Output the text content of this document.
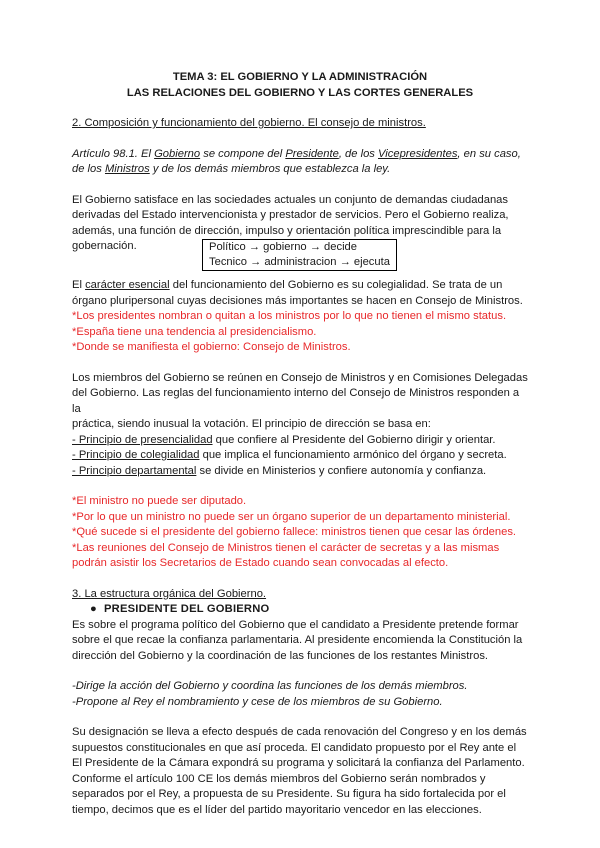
TEMA 3: EL GOBIERNO Y LA ADMINISTRACIÓN
LAS RELACIONES DEL GOBIERNO Y LAS CORTES GENERALES

2. Composición y funcionamiento del gobierno. El consejo de ministros.

Artículo 98.1. El Gobierno se compone del Presidente, de los Vicepresidentes, en su caso,
de los Ministros y de los demás miembros que establezca la ley.

El Gobierno satisface en las sociedades actuales un conjunto de demandas ciudadanas

derivadas del Estado intervencionista y prestador de servicios. Pero el Gobierno realiza,

además, una función de dirección, impulso y orientación política imprescindible para la

gobernación.	Político → gobierno → decide
Tecnico → administracion → ejecuta

El carácter esencial del funcionamiento del Gobierno es su colegialidad. Se trata de un

órgano pluripersonal cuyas decisiones más importantes se hacen en Consejo de Ministros.

*Los presidentes nombran o quitan a los ministros por lo que no tienen el mismo status.

*España tiene una tendencia al presidencialismo.

*Donde se manifiesta el gobierno: Consejo de Ministros.

Los miembros del Gobierno se reúnen en Consejo de Ministros y en Comisiones Delegadas

del Gobierno. Las reglas del funcionamiento interno del Consejo de Ministros responden a la

práctica, siendo inusual la votación. El principio de dirección se basa en:

- Principio de presencialidad que confiere al Presidente del Gobierno dirigir y orientar.

- Principio de colegialidad que implica el funcionamiento armónico del órgano y secreta.

- Principio departamental se divide en Ministerios y confiere autonomía y confianza.

*El ministro no puede ser diputado.

*Por lo que un ministro no puede ser un órgano superior de un departamento ministerial.

*Qué sucede si el presidente del gobierno fallece: ministros tienen que cesar las órdenes.

*Las reuniones del Consejo de Ministros tienen el carácter de secretas y a las mismas

podrán asistir los Secretarios de Estado cuando sean convocadas al efecto.

3. La estructura orgánica del Gobierno.

● PRESIDENTE DEL GOBIERNO

Es sobre el programa político del Gobierno que el candidato a Presidente pretende formar

sobre el que recae la confianza parlamentaria. Al presidente encomienda la Constitución la

dirección del Gobierno y la coordinación de las funciones de los restantes Ministros.

-Dirige la acción del Gobierno y coordina las funciones de los demás miembros.

-Propone al Rey el nombramiento y cese de los miembros de su Gobierno.

Su designación se lleva a efecto después de cada renovación del Congreso y en los demás

supuestos constitucionales en que así proceda. El candidato propuesto por el Rey ante el

El Presidente de la Cámara expondrá su programa y solicitará la confianza del Parlamento.

Conforme el artículo 100 CE los demás miembros del Gobierno serán nombrados y

separados por el Rey, a propuesta de su Presidente. Su figura ha sido fortalecida por el

tiempo, decimos que es el líder del partido mayoritario vencedor en las elecciones.
